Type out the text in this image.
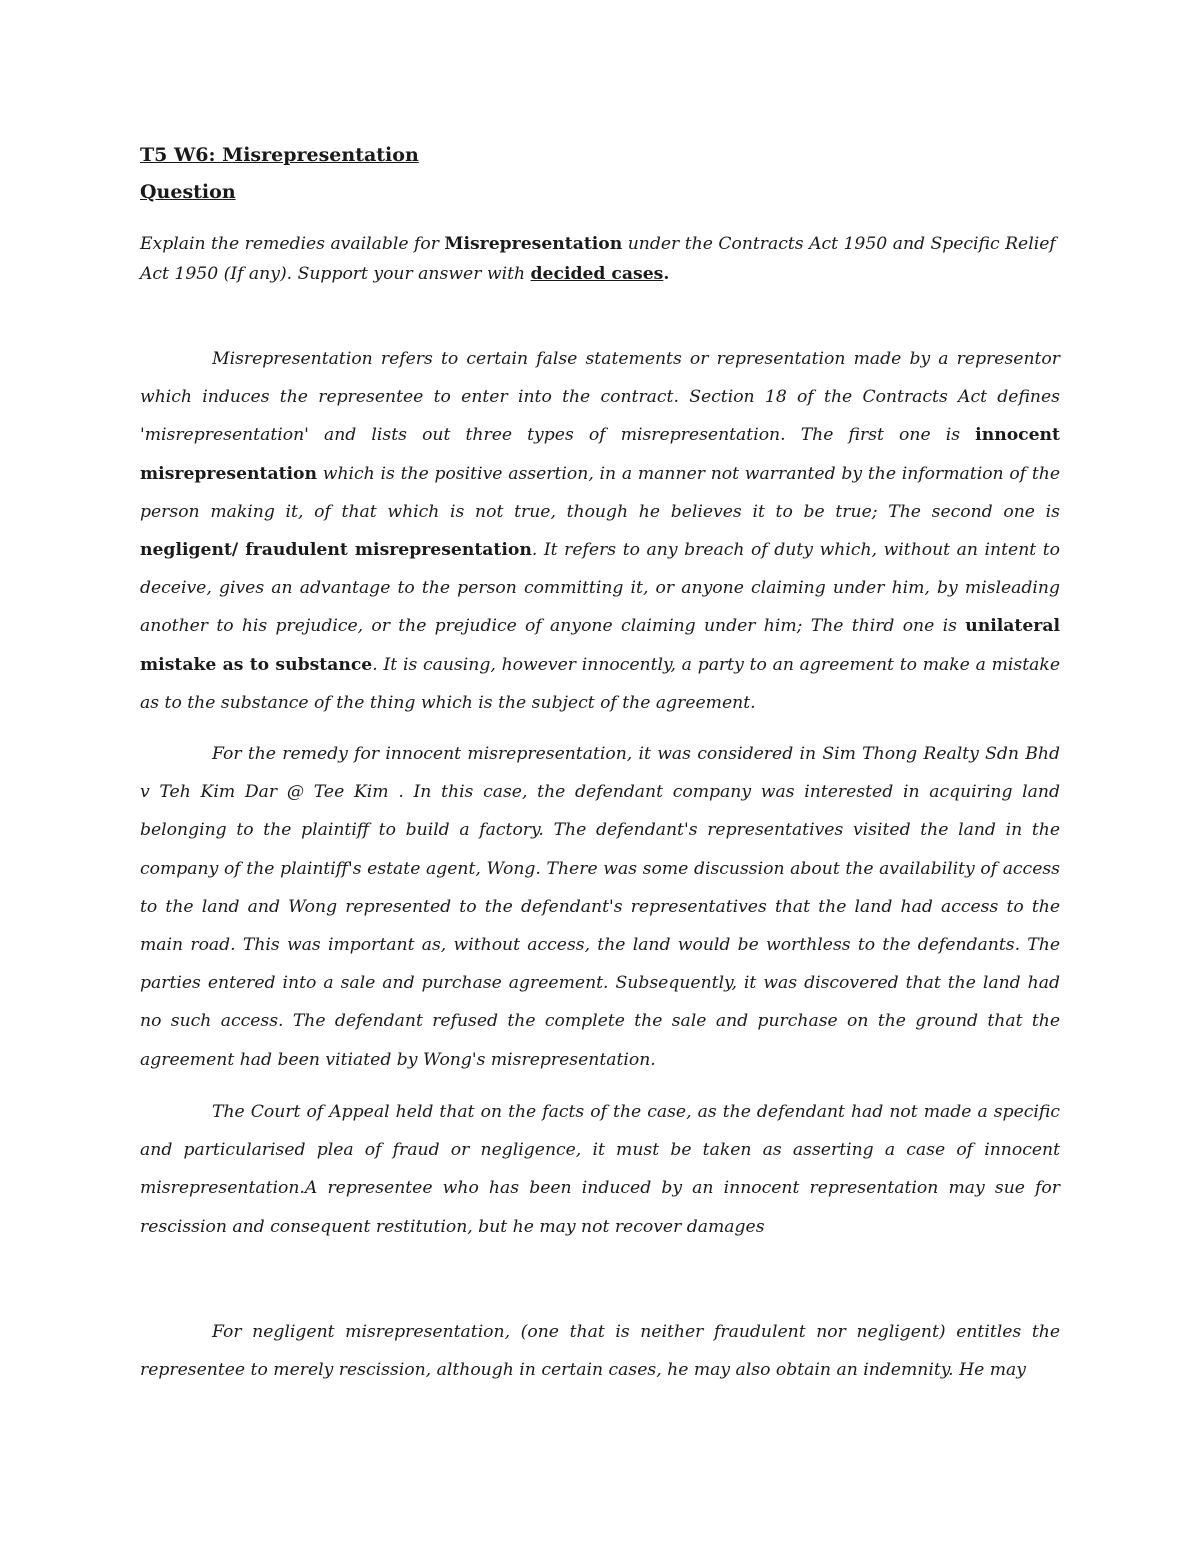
T5 W6: Misrepresentation
Question
Explain the remedies available for Misrepresentation under the Contracts Act 1950 and Specific Relief Act 1950 (If any). Support your answer with decided cases.
Misrepresentation refers to certain false statements or representation made by a representor which induces the representee to enter into the contract. Section 18 of the Contracts Act defines 'misrepresentation' and lists out three types of misrepresentation. The first one is innocent misrepresentation which is the positive assertion, in a manner not warranted by the information of the person making it, of that which is not true, though he believes it to be true; The second one is negligent/ fraudulent misrepresentation. It refers to any breach of duty which, without an intent to deceive, gives an advantage to the person committing it, or anyone claiming under him, by misleading another to his prejudice, or the prejudice of anyone claiming under him; The third one is unilateral mistake as to substance. It is causing, however innocently, a party to an agreement to make a mistake as to the substance of the thing which is the subject of the agreement.
For the remedy for innocent misrepresentation, it was considered in Sim Thong Realty Sdn Bhd v Teh Kim Dar @ Tee Kim . In this case, the defendant company was interested in acquiring land belonging to the plaintiff to build a factory. The defendant's representatives visited the land in the company of the plaintiff's estate agent, Wong. There was some discussion about the availability of access to the land and Wong represented to the defendant's representatives that the land had access to the main road. This was important as, without access, the land would be worthless to the defendants. The parties entered into a sale and purchase agreement. Subsequently, it was discovered that the land had no such access. The defendant refused the complete the sale and purchase on the ground that the agreement had been vitiated by Wong's misrepresentation.
The Court of Appeal held that on the facts of the case, as the defendant had not made a specific and particularised plea of fraud or negligence, it must be taken as asserting a case of innocent misrepresentation.A representee who has been induced by an innocent representation may sue for rescission and consequent restitution, but he may not recover damages
For negligent misrepresentation, (one that is neither fraudulent nor negligent) entitles the representee to merely rescission, although in certain cases, he may also obtain an indemnity. He may
